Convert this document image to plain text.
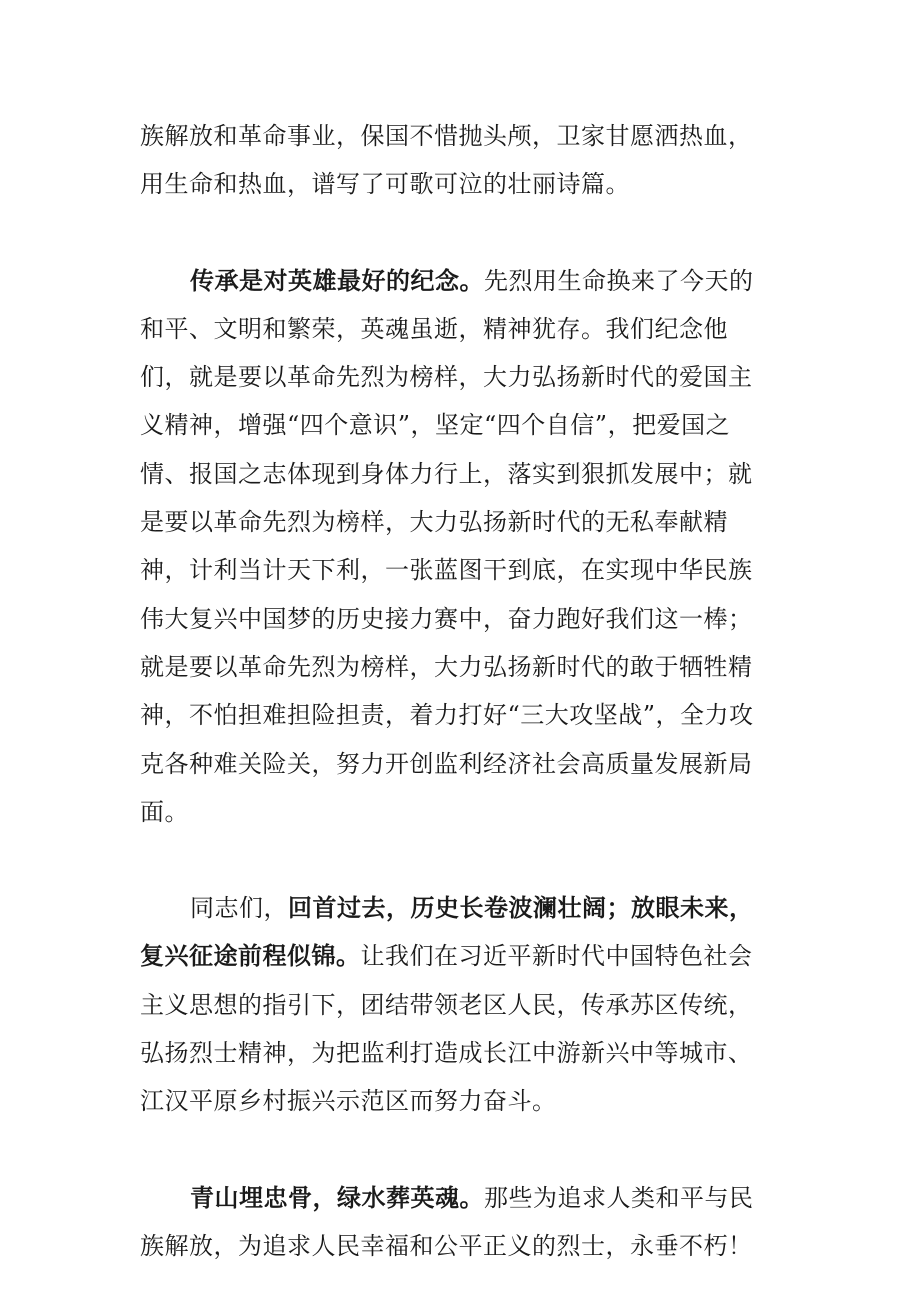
族解放和革命事业，保国不惜抛头颅，卫家甘愿洒热血，
用生命和热血，谱写了可歌可泣的壮丽诗篇。
传承是对英雄最好的纪念。先烈用生命换来了今天的
和平、文明和繁荣，英魂虽逝，精神犹存。我们纪念他
们，就是要以革命先烈为榜样，大力弘扬新时代的爱国主
义精神，增强“四个意识”，坚定“四个自信”，把爱国之
情、报国之志体现到身体力行上，落实到狠抓发展中；就
是要以革命先烈为榜样，大力弘扬新时代的无私奉献精
神，计利当计天下利，一张蓝图干到底，在实现中华民族
伟大复兴中国梦的历史接力赛中，奋力跑好我们这一棒；
就是要以革命先烈为榜样，大力弘扬新时代的敢于牺牲精
神，不怕担难担险担责，着力打好“三大攻坚战”，全力攻
克各种难关险关，努力开创监利经济社会高质量发展新局
面。
同志们，回首过去，历史长卷波澜壮阔；放眼未来，
复兴征途前程似锦。让我们在习近平新时代中国特色社会
主义思想的指引下，团结带领老区人民，传承苏区传统，
弘扬烈士精神，为把监利打造成长江中游新兴中等城市、
江汉平原乡村振兴示范区而努力奋斗。
青山埋忠骨，绿水葬英魂。那些为追求人类和平与民
族解放，为追求人民幸福和公平正义的烈士，永垂不朽！
